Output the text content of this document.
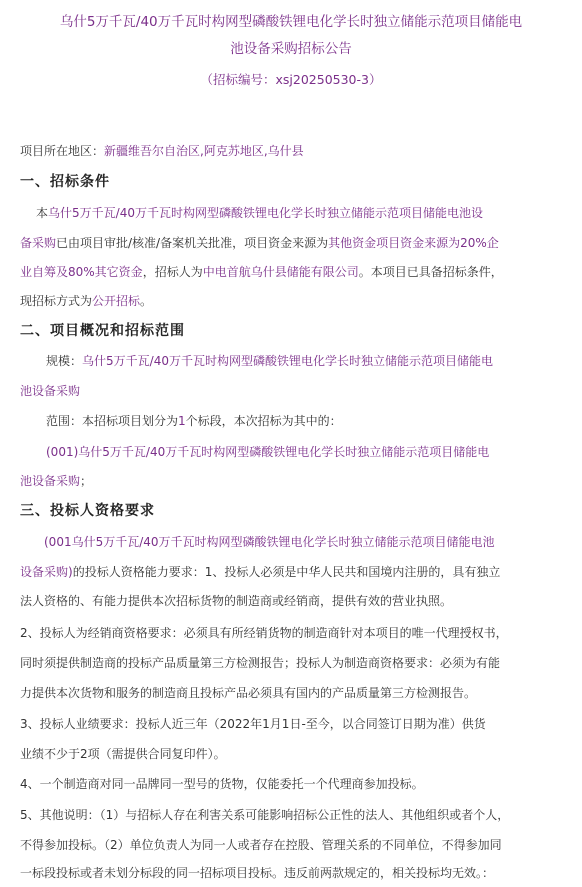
乌什5万千瓦/40万千瓦时构网型磷酸铁锂电化学长时独立储能示范项目储能电

池设备采购招标公告

（招标编号：xsj20250530-3）

项目所在地区：新疆维吾尔自治区,阿克苏地区,乌什县

一、招标条件

本乌什5万千瓦/40万千瓦时构网型磷酸铁锂电化学长时独立储能示范项目储能电池设
备采购已由项目审批/核准/备案机关批准，项目资金来源为其他资金项目资金来源为20%企
业自筹及80%其它资金，招标人为中电首航乌什县储能有限公司。本项目已具备招标条件，
现招标方式为公开招标。

二、项目概况和招标范围

规模：乌什5万千瓦/40万千瓦时构网型磷酸铁锂电化学长时独立储能示范项目储能电
池设备采购
范围：本招标项目划分为1个标段，本次招标为其中的：
(001)乌什5万千瓦/40万千瓦时构网型磷酸铁锂电化学长时独立储能示范项目储能电
池设备采购；

三、投标人资格要求

(001乌什5万千瓦/40万千瓦时构网型磷酸铁锂电化学长时独立储能示范项目储能电池
设备采购)的投标人资格能力要求：1、投标人必须是中华人民共和国境内注册的，具有独立
法人资格的、有能力提供本次招标货物的制造商或经销商，提供有效的营业执照。
2、投标人为经销商资格要求：必须具有所经销货物的制造商针对本项目的唯一代理授权书，
同时须提供制造商的投标产品质量第三方检测报告；投标人为制造商资格要求：必须为有能
力提供本次货物和服务的制造商且投标产品必须具有国内的产品质量第三方检测报告。
3、投标人业绩要求：投标人近三年（2022年1月1日-至今，以合同签订日期为准）供货
业绩不少于2项（需提供合同复印件）。
4、一个制造商对同一品牌同一型号的货物，仅能委托一个代理商参加投标。
5、其他说明：（1）与招标人存在利害关系可能影响招标公正性的法人、其他组织或者个人，
不得参加投标。（2）单位负责人为同一人或者存在控股、管理关系的不同单位，不得参加同
一标段投标或者未划分标段的同一招标项目投标。违反前两款规定的，相关投标均无效。：
